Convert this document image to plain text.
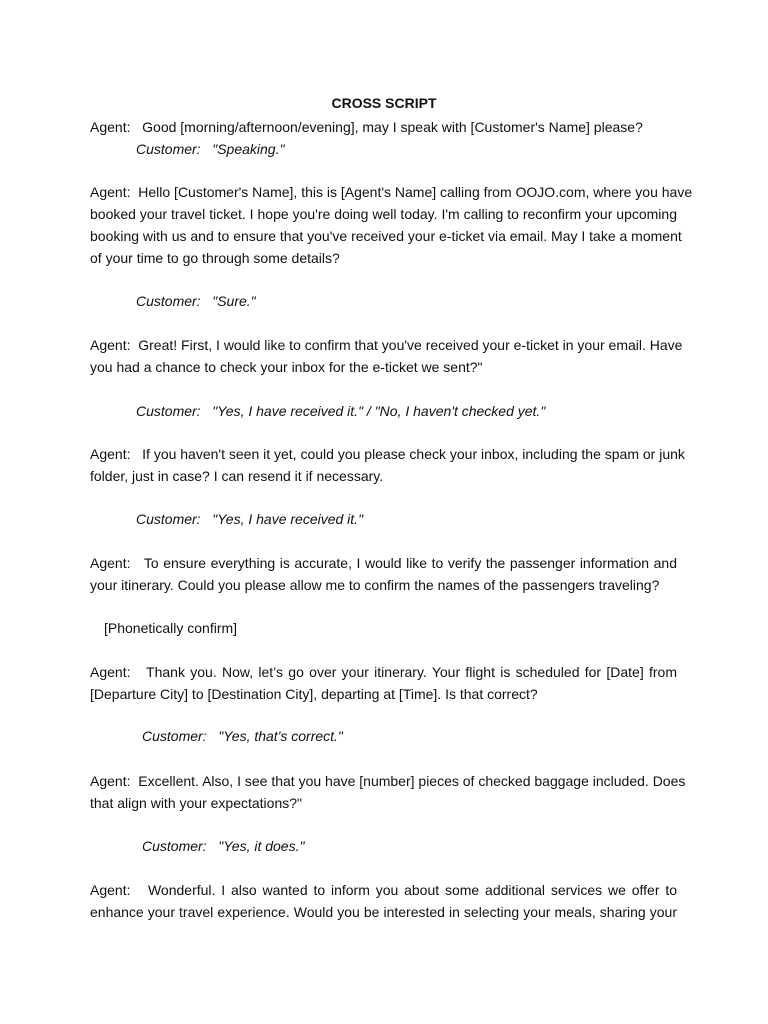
CROSS SCRIPT
Agent:   Good [morning/afternoon/evening], may I speak with [Customer's Name] please?
Customer:   "Speaking."
Agent:  Hello [Customer's Name], this is [Agent's Name] calling from OOJO.com, where you have
booked your travel ticket. I hope you're doing well today. I'm calling to reconfirm your upcoming
booking with us and to ensure that you've received your e-ticket via email. May I take a moment
of your time to go through some details?
Customer:   "Sure."
Agent:  Great! First, I would like to confirm that you've received your e-ticket in your email. Have
you had a chance to check your inbox for the e-ticket we sent?"
Customer:   "Yes, I have received it." / "No, I haven't checked yet."
Agent:   If you haven't seen it yet, could you please check your inbox, including the spam or junk
folder, just in case? I can resend it if necessary.
Customer:   "Yes, I have received it."
Agent:   To ensure everything is accurate, I would like to verify the passenger information and
your itinerary. Could you please allow me to confirm the names of the passengers traveling?
[Phonetically confirm]
Agent:   Thank you. Now, let’s go over your itinerary. Your flight is scheduled for [Date] from
[Departure City] to [Destination City], departing at [Time]. Is that correct?
Customer:   "Yes, that's correct."
Agent:  Excellent. Also, I see that you have [number] pieces of checked baggage included. Does
that align with your expectations?"
Customer:   "Yes, it does."
Agent:   Wonderful. I also wanted to inform you about some additional services we offer to
enhance your travel experience. Would you be interested in selecting your meals, sharing your
